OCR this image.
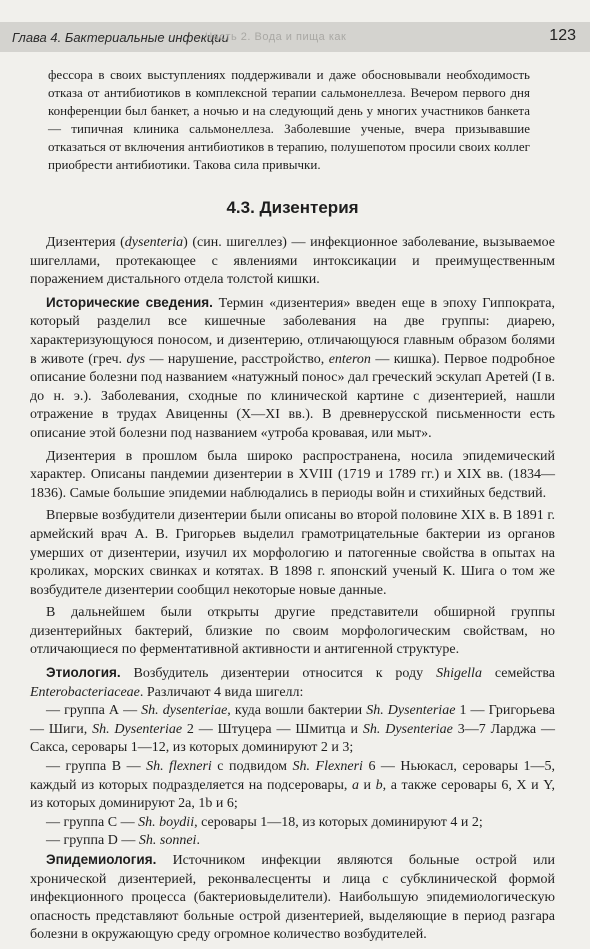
Глава 4. Бактериальные инфекции
Часть 2. Вода и пища как	123

фессора в своих выступлениях поддерживали и даже обосновывали необходимость отказа от антибиотиков в комплексной терапии сальмонеллеза. Вечером первого дня конференции был банкет, а ночью и на следующий день у многих участников банкета — типичная клиника сальмонеллеза. Заболевшие ученые, вчера призывавшие отказаться от включения антибиотиков в терапию, полушепотом просили своих коллег приобрести антибиотики. Такова сила привычки.

4.3. Дизентерия

Дизентерия (dysenteria) (син. шигеллез) — инфекционное заболевание, вызываемое шигеллами, протекающее с явлениями интоксикации и преимущественным поражением дистального отдела толстой кишки.

Исторические сведения. Термин «дизентерия» введен еще в эпоху Гиппократа, который разделил все кишечные заболевания на две группы: диарею, характеризующуюся поносом, и дизентерию, отличающуюся главным образом болями в животе (греч. dys — нарушение, расстройство, enteron — кишка). Первое подробное описание болезни под названием «натужный понос» дал греческий эскулап Аретей (I в. до н. э.). Заболевания, сходные по клинической картине с дизентерией, нашли отражение в трудах Авиценны (X—XI вв.). В древнерусской письменности есть описание этой болезни под названием «утроба кровавая, или мыт».

Дизентерия в прошлом была широко распространена, носила эпидемический характер. Описаны пандемии дизентерии в XVIII (1719 и 1789 гг.) и XIX вв. (1834—1836). Самые большие эпидемии наблюдались в периоды войн и стихийных бедствий.

Впервые возбудители дизентерии были описаны во второй половине XIX в. В 1891 г. армейский врач А. В. Григорьев выделил грамотрицательные бактерии из органов умерших от дизентерии, изучил их морфологию и патогенные свойства в опытах на кроликах, морских свинках и котятах. В 1898 г. японский ученый К. Шига о том же возбудителе дизентерии сообщил некоторые новые данные.

В дальнейшем были открыты другие представители обширной группы дизентерийных бактерий, близкие по своим морфологическим свойствам, но отличающиеся по ферментативной активности и антигенной структуре.

Этиология. Возбудитель дизентерии относится к роду Shigella семейства Enterobacteriaceae. Различают 4 вида шигелл:

— группа А — Sh. dysenteriae, куда вошли бактерии Sh. Dysenteriae 1 — Григорьева — Шиги, Sh. Dysenteriae 2 — Штуцера — Шмитца и Sh. Dysenteriae 3—7 Ларджа — Сакса, серовары 1—12, из которых доминируют 2 и 3;

— группа В — Sh. flexneri с подвидом Sh. Flexneri 6 — Ньюкасл, серовары 1—5, каждый из которых подразделяется на подсеровары, a и b, а также серовары 6, X и Y, из которых доминируют 2a, 1b и 6;

— группа С — Sh. boydii, серовары 1—18, из которых доминируют 4 и 2;

— группа D — Sh. sonnei.

Эпидемиология. Источником инфекции являются больные острой или хронической дизентерией, реконвалесценты и лица с субклинической формой инфекционного процесса (бактериовыделители). Наибольшую эпидемиологическую опасность представляют больные острой дизентерией, выделяющие в период разгара болезни в окружающую среду огромное количество возбудителей.
